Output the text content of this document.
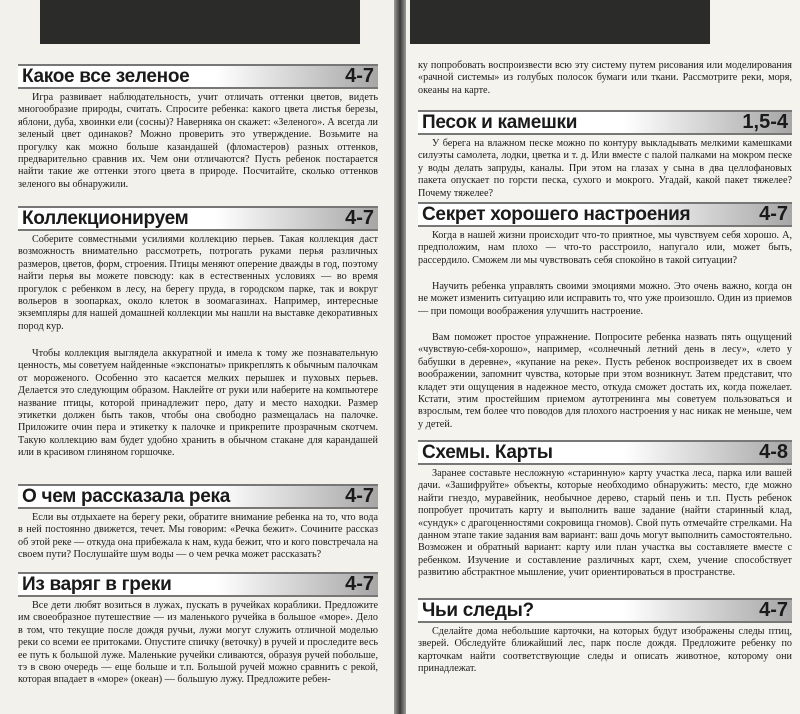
Какое все зеленое	4-7

Игра развивает наблюдательность, учит отличать оттенки цветов, видеть многообразие природы, считать. Спросите ребенка: какого цвета листья березы, яблони, дуба, хвоинки ели (сосны)? Наверняка он скажет: «Зеленого». А всегда ли зеленый цвет одинаков? Можно проверить это утверждение. Возьмите на прогулку как можно больше казандашей (фломастеров) разных оттенков, предварительно сравнив их. Чем они отличаются? Пусть ребенок постарается найти такие же оттенки этого цвета в природе. Посчитайте, сколько оттенков зеленого вы обнаружили.

Коллекционируем	4-7

Соберите совместными усилиями коллекцию перьев. Такая коллекция даст возможность внимательно рассмотреть, потрогать руками перья различных размеров, цветов, форм, строения. Птицы меняют оперение дважды в год, поэтому найти перья вы можете повсюду: как в естественных условиях — во время прогулок с ребенком в лесу, на берегу пруда, в городском парке, так и вокруг вольеров в зоопарках, около клеток в зоомагазинах. Например, интересные экземпляры для нашей домашней коллекции мы нашли на выставке декоративных пород кур.

Чтобы коллекция выглядела аккуратной и имела к тому же познавательную ценность, мы советуем найденные «экспонаты» прикреплять к обычным палочкам от мороженого. Особенно это касается мелких перышек и пуховых перьев. Делается это следующим образом. Наклейте от руки или наберите на компьютере название птицы, которой принадлежит перо, дату и место находки. Размер этикетки должен быть таков, чтобы она свободно размещалась на палочке. Приложите очин пера и этикетку к палочке и прикрепите прозрачным скотчем. Такую коллекцию вам будет удобно хранить в обычном стакане для карандашей или в красивом глиняном горшочке.

О чем рассказала река	4-7

Если вы отдыхаете на берегу реки, обратите внимание ребенка на то, что вода в ней постоянно движется, течет. Мы говорим: «Речка бежит». Сочините рассказ об этой реке — откуда она прибежала к нам, куда бежит, что и кого повстречала на своем пути? Послушайте шум воды — о чем речка может рассказать?

Из варяг в греки	4-7

Все дети любят возиться в лужах, пускать в ручейках кораблики. Предложите им своеобразное путешествие — из маленького ручейка в большое «море». Дело в том, что текущие после дождя ручьи, лужи могут служить отличной моделью реки со всеми ее притоками. Опустите спичку (веточку) в ручей и проследите весь ее путь к большой луже. Маленькие ручейки сливаются, образуя ручей побольше, тэ в свою очередь — еще больше и т.п. Большой ручей можно сравнить с рекой, которая впадает в «море» (океан) — большую лужу. Предложите ребен-

ку попробовать воспроизвести всю эту систему путем рисования или моделирования «рачной системы» из голубых полосок бумаги или ткани. Рассмотрите реки, моря, океаны на карте.

Песок и камешки	1,5-4

У берега на влажном песке можно по контуру выкладывать мелкими камешками силуэты самолета, лодки, цветка и т. д. Или вместе с палой палками на мокром песке у воды делать запруды, каналы. При этом на глазах у сына в два целлофановых пакета опускает по горсти песка, сухого и мокрого. Угадай, какой пакет тяжелее? Почему тяжелее?

Секрет хорошего настроения	4-7

Когда в нашей жизни происходит что-то приятное, мы чувствуем себя хорошо. А, предположим, нам плохо — что-то расстроило, напугало или, может быть, рассердило. Сможем ли мы чувствовать себя спокойно в такой ситуации?

Научить ребенка управлять своими эмоциями можно. Это очень важно, когда он не может изменить ситуацию или исправить то, что уже произошло. Один из приемов — при помощи воображения улучшить настроение.

Вам поможет простое упражнение. Попросите ребенка назвать пять ощущений «чувствую-себя-хорошо», например, «солнечный летний день в лесу», «лето у бабушки в деревне», «купание на реке». Пусть ребенок воспроизведет их в своем воображении, запомнит чувства, которые при этом возникнут. Затем представит, что кладет эти ощущения в надежное место, откуда сможет достать их, когда пожелает. Кстати, этим простейшим приемом аутотренинга мы советуем пользоваться и взрослым, тем более что поводов для плохого настроения у нас никак не меньше, чем у детей.

Схемы. Карты	4-8

Заранее составьте несложную «старинную» карту участка леса, парка или вашей дачи. «Зашифруйте» объекты, которые необходимо обнаружить: место, где можно найти гнездо, муравейник, необычное дерево, старый пень и т.п. Пусть ребенок попробует прочитать карту и выполнить ваше задание (найти старинный клад, «сундук» с драгоценностями сокровища гномов). Свой путь отмечайте стрелками. На данном этапе такие задания вам вариант: ваш дочь могут выполнить самостоятельно. Возможен и обратный вариант: карту или план участка вы составляете вместе с ребенком. Изучение и составление различных карт, схем, учение способствует развитию абстрактное мышление, учит ориентироваться в пространстве.

Чьи следы?	4-7

Сделайте дома небольшие карточки, на которых будут изображены следы птиц, зверей. Обследуйте ближайший лес, парк после дождя. Предложите ребенку по карточкам найти соответствующие следы и описать животное, которому они принадлежат.
